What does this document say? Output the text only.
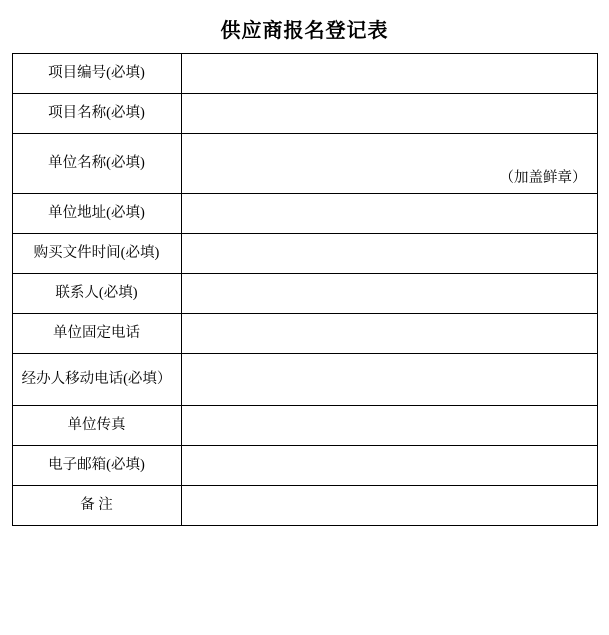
供应商报名登记表
项目编号(必填)	

项目名称(必填)	

单位名称(必填)	（加盖鲜章）

单位地址(必填)	

购买文件时间(必填)	

联系人(必填)	

单位固定电话	

经办人移动电话(必填）	

单位传真	

电子邮箱(必填)	

备 注	
